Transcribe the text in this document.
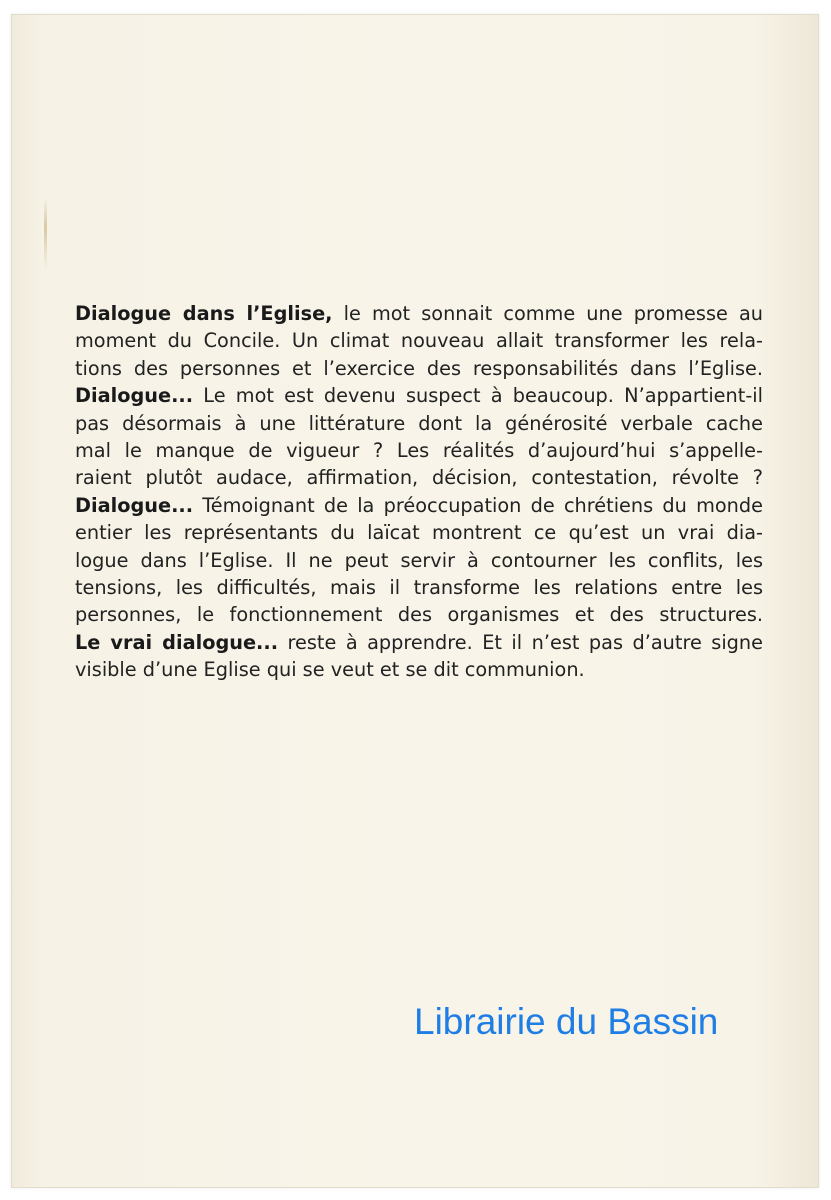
Dialogue dans l’Eglise, le mot sonnait comme une promesse au
moment du Concile. Un climat nouveau allait transformer les rela-
tions des personnes et l’exercice des responsabilités dans l’Eglise.
Dialogue... Le mot est devenu suspect à beaucoup. N’appartient-il
pas désormais à une littérature dont la générosité verbale cache
mal le manque de vigueur ? Les réalités d’aujourd’hui s’appelle-
raient plutôt audace, affirmation, décision, contestation, révolte ?
Dialogue... Témoignant de la préoccupation de chrétiens du monde
entier les représentants du laïcat montrent ce qu’est un vrai dia-
logue dans l’Eglise. Il ne peut servir à contourner les conflits, les
tensions, les difficultés, mais il transforme les relations entre les
personnes, le fonctionnement des organismes et des structures.
Le vrai dialogue... reste à apprendre. Et il n’est pas d’autre signe
visible d’une Eglise qui se veut et se dit communion.

Librairie du Bassin
